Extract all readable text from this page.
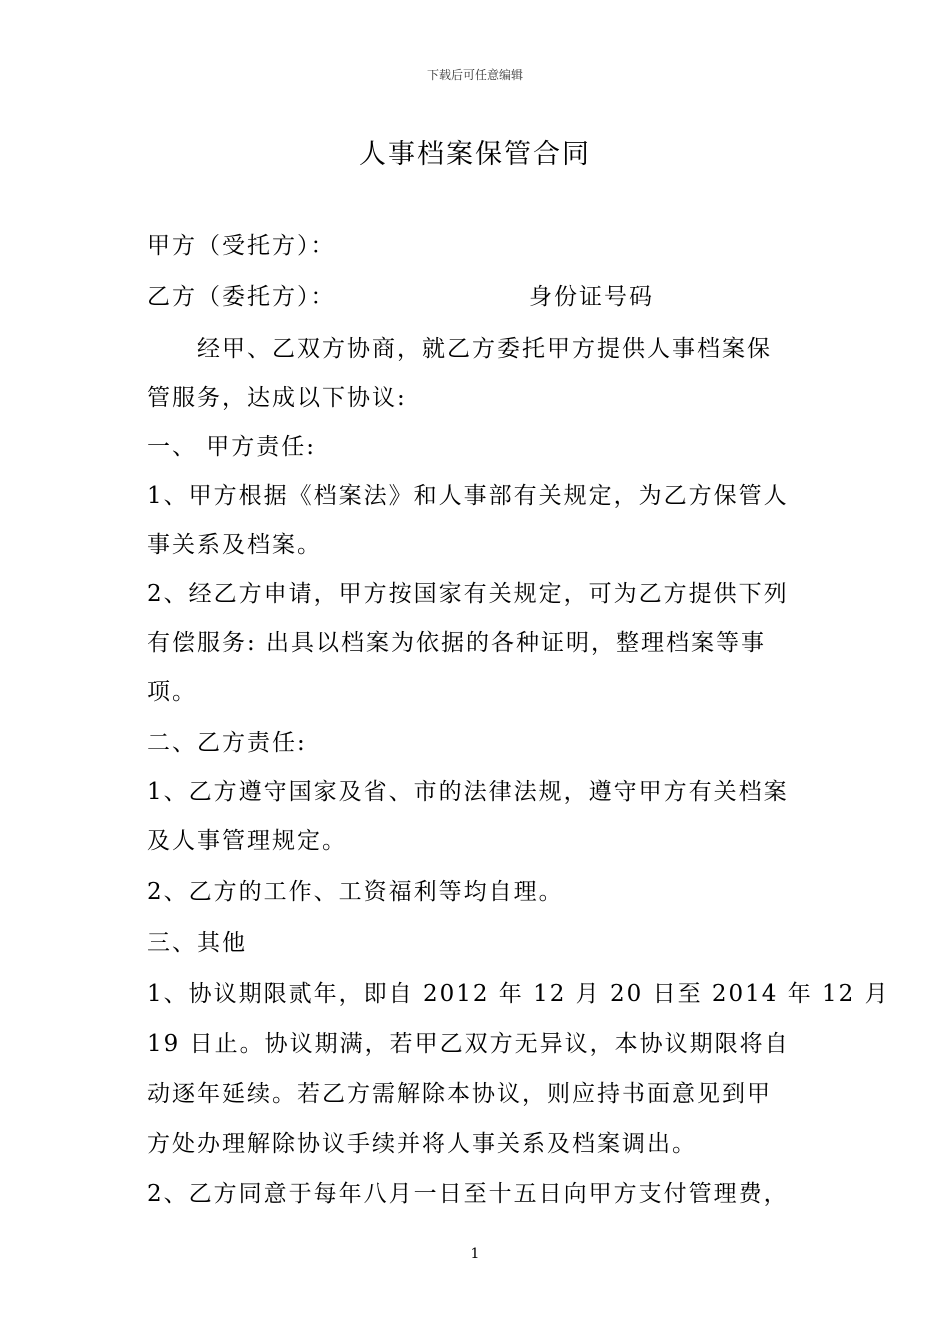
下载后可任意编辑
人事档案保管合同
甲方（受托方）：
乙方（委托方）：	身份证号码
经甲、乙双方协商，就乙方委托甲方提供人事档案保
管服务，达成以下协议:
一、 甲方责任:
1、甲方根据《档案法》和人事部有关规定，为乙方保管人
事关系及档案。
2、经乙方申请，甲方按国家有关规定，可为乙方提供下列
有偿服务: 出具以档案为依据的各种证明，整理档案等事
项。
二、乙方责任:
1、乙方遵守国家及省、市的法律法规，遵守甲方有关档案
及人事管理规定。
2、乙方的工作、工资福利等均自理。
三、其他
1、协议期限贰年，即自 2012 年 12 月 20 日至 2014 年 12 月
19 日止。协议期满，若甲乙双方无异议，本协议期限将自
动逐年延续。若乙方需解除本协议，则应持书面意见到甲
方处办理解除协议手续并将人事关系及档案调出。
2、乙方同意于每年八月一日至十五日向甲方支付管理费，
1
